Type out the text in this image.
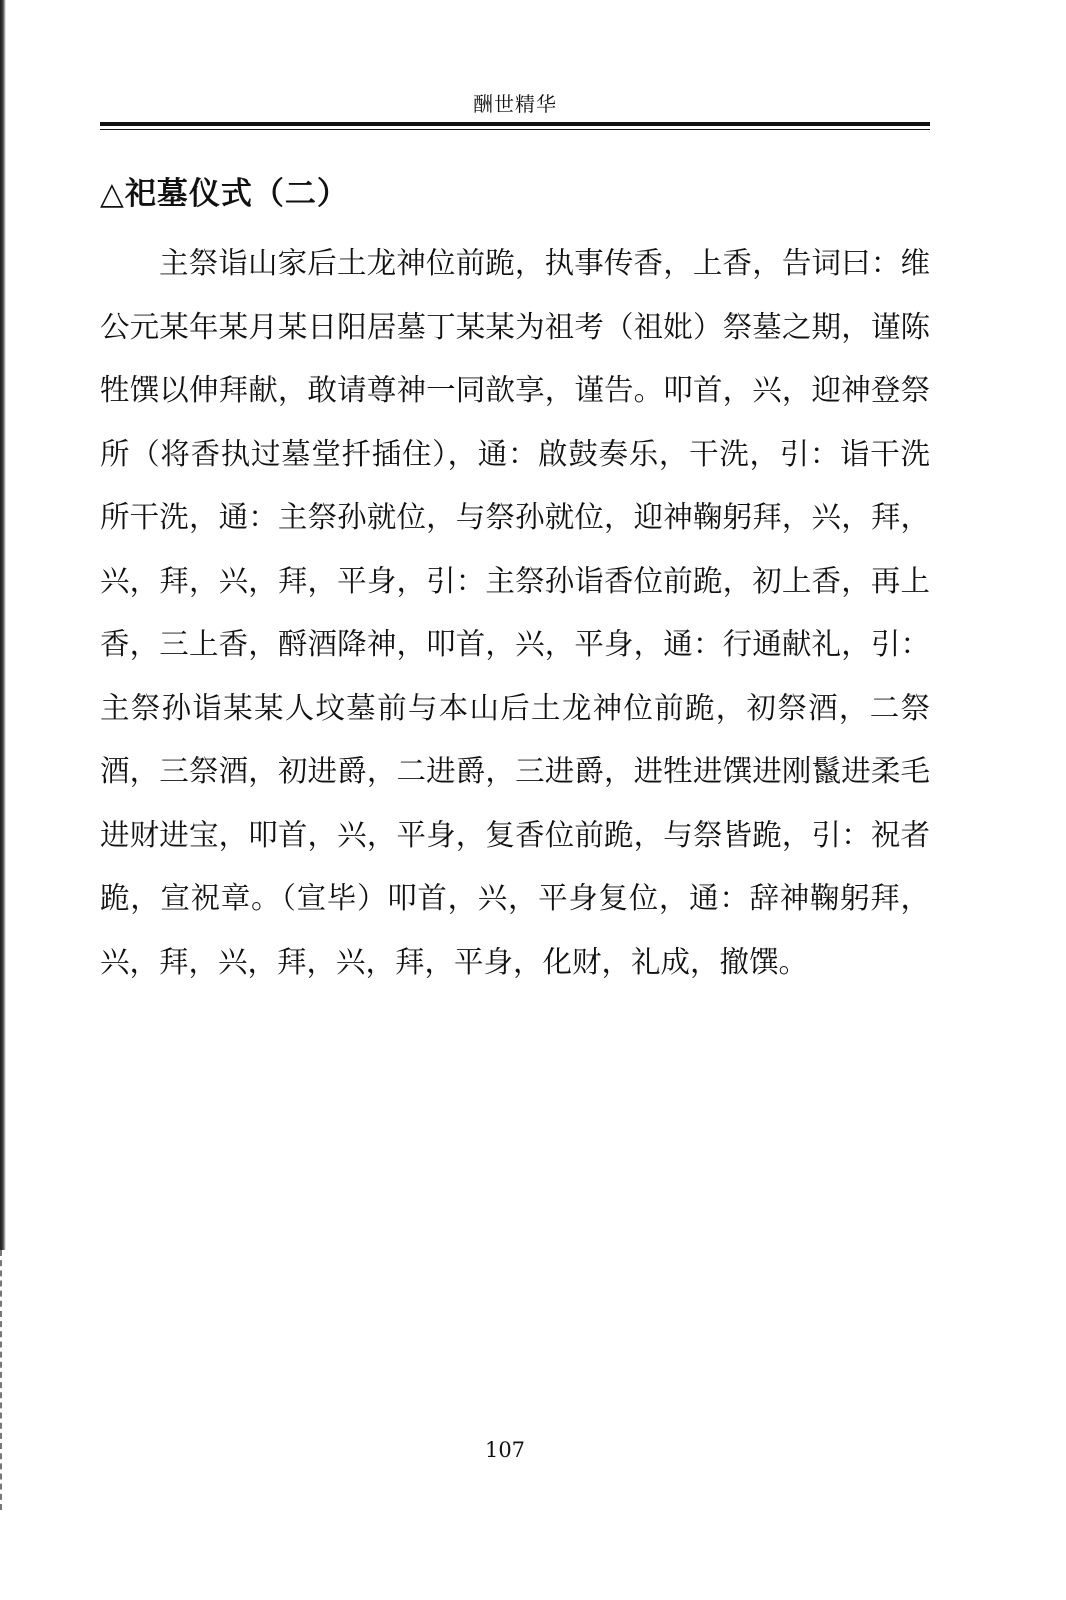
酬世精华
△祀墓仪式（二）
主祭诣山家后土龙神位前跪，执事传香，上香，告词曰：维公元某年某月某日阳居墓丁某某为祖考（祖妣）祭墓之期，谨陈牲馔以伸拜献，敢请尊神一同歆享，谨告。叩首，兴，迎神登祭所（将香执过墓堂扦插住），通：啟鼓奏乐，干洗，引：诣干洗所干洗，通：主祭孙就位，与祭孙就位，迎神鞠躬拜，兴，拜，兴，拜，兴，拜，平身，引：主祭孙诣香位前跪，初上香，再上香，三上香，酹酒降神，叩首，兴，平身，通：行通献礼，引：主祭孙诣某某人坟墓前与本山后土龙神位前跪，初祭酒，二祭酒，三祭酒，初进爵，二进爵，三进爵，进牲进馔进刚鬣进柔毛进财进宝，叩首，兴，平身，复香位前跪，与祭皆跪，引：祝者跪，宣祝章。（宣毕）叩首，兴，平身复位，通：辞神鞠躬拜，兴，拜，兴，拜，兴，拜，平身，化财，礼成，撤馔。
107
